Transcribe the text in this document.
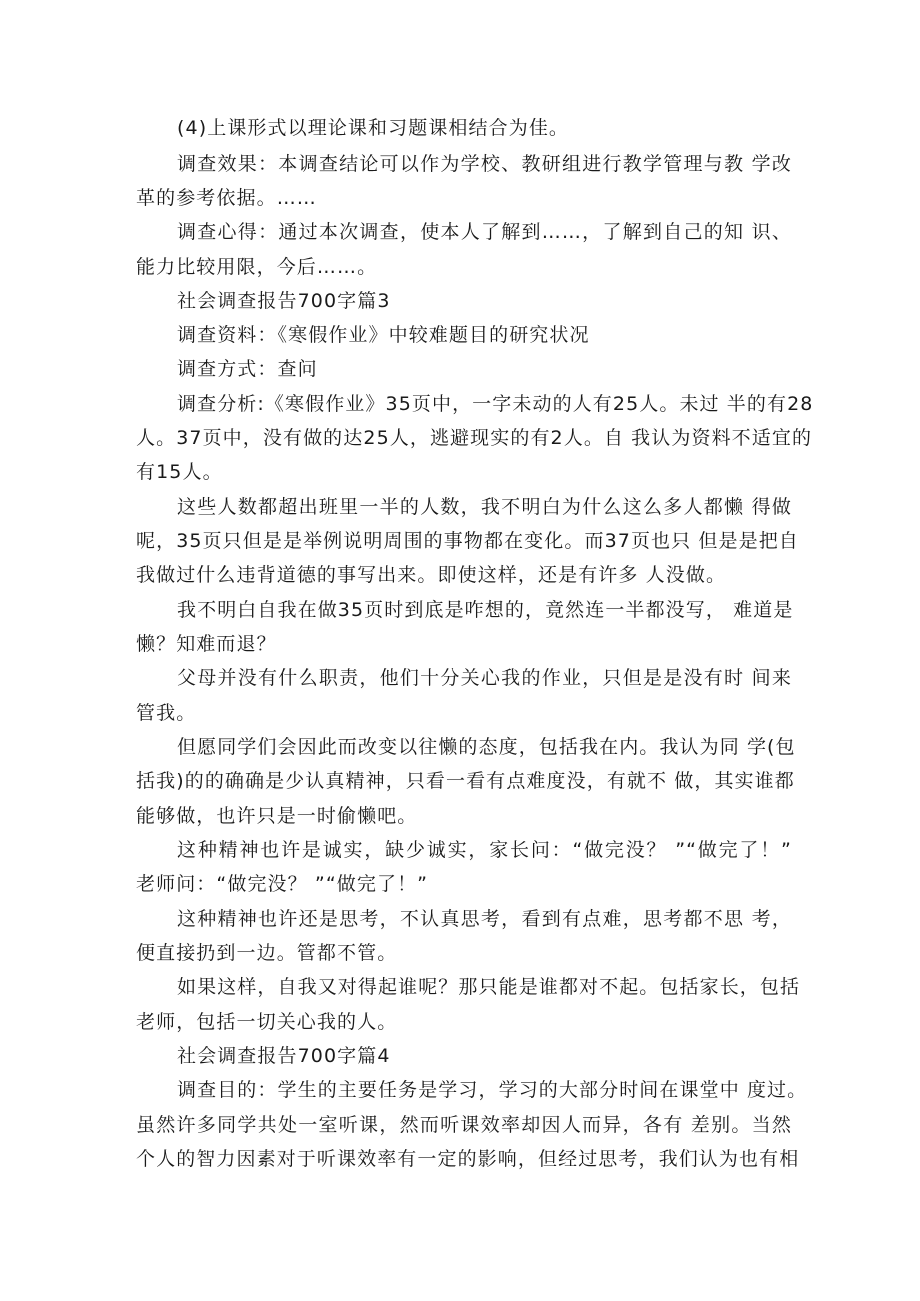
(4)上课形式以理论课和习题课相结合为佳。
调查效果：本调查结论可以作为学校、教研组进行教学管理与教 学改
革的参考依据。……
调查心得：通过本次调查，使本人了解到……，了解到自己的知 识、
能力比较用限，今后……。
社会调查报告700字篇3
调查资料：《寒假作业》中较难题目的研究状况
调查方式：查问
调查分析:《寒假作业》35页中，一字未动的人有25人。未过 半的有28
人。37页中，没有做的达25人，逃避现实的有2人。自 我认为资料不适宜的
有15人。
这些人数都超出班里一半的人数，我不明白为什么这么多人都懒 得做
呢，35页只但是是举例说明周围的事物都在变化。而37页也只 但是是把自
我做过什么违背道德的事写出来。即使这样，还是有许多 人没做。
我不明白自我在做35页时到底是咋想的，竟然连一半都没写， 难道是
懒？知难而退？
父母并没有什么职责，他们十分关心我的作业，只但是是没有时 间来
管我。
但愿同学们会因此而改变以往懒的态度，包括我在内。我认为同 学(包
括我)的的确确是少认真精神，只看一看有点难度没，有就不 做，其实谁都
能够做，也许只是一时偷懒吧。
这种精神也许是诚实，缺少诚实，家长问：“做完没？ ”“做完了！”
老师问：“做完没？ ”“做完了！”
这种精神也许还是思考，不认真思考，看到有点难，思考都不思 考，
便直接扔到一边。管都不管。
如果这样，自我又对得起谁呢？那只能是谁都对不起。包括家长，包括
老师，包括一切关心我的人。
社会调查报告700字篇4
调查目的：学生的主要任务是学习，学习的大部分时间在课堂中 度过。
虽然许多同学共处一室听课，然而听课效率却因人而异，各有 差别。当然
个人的智力因素对于听课效率有一定的影响，但经过思考，我们认为也有相
